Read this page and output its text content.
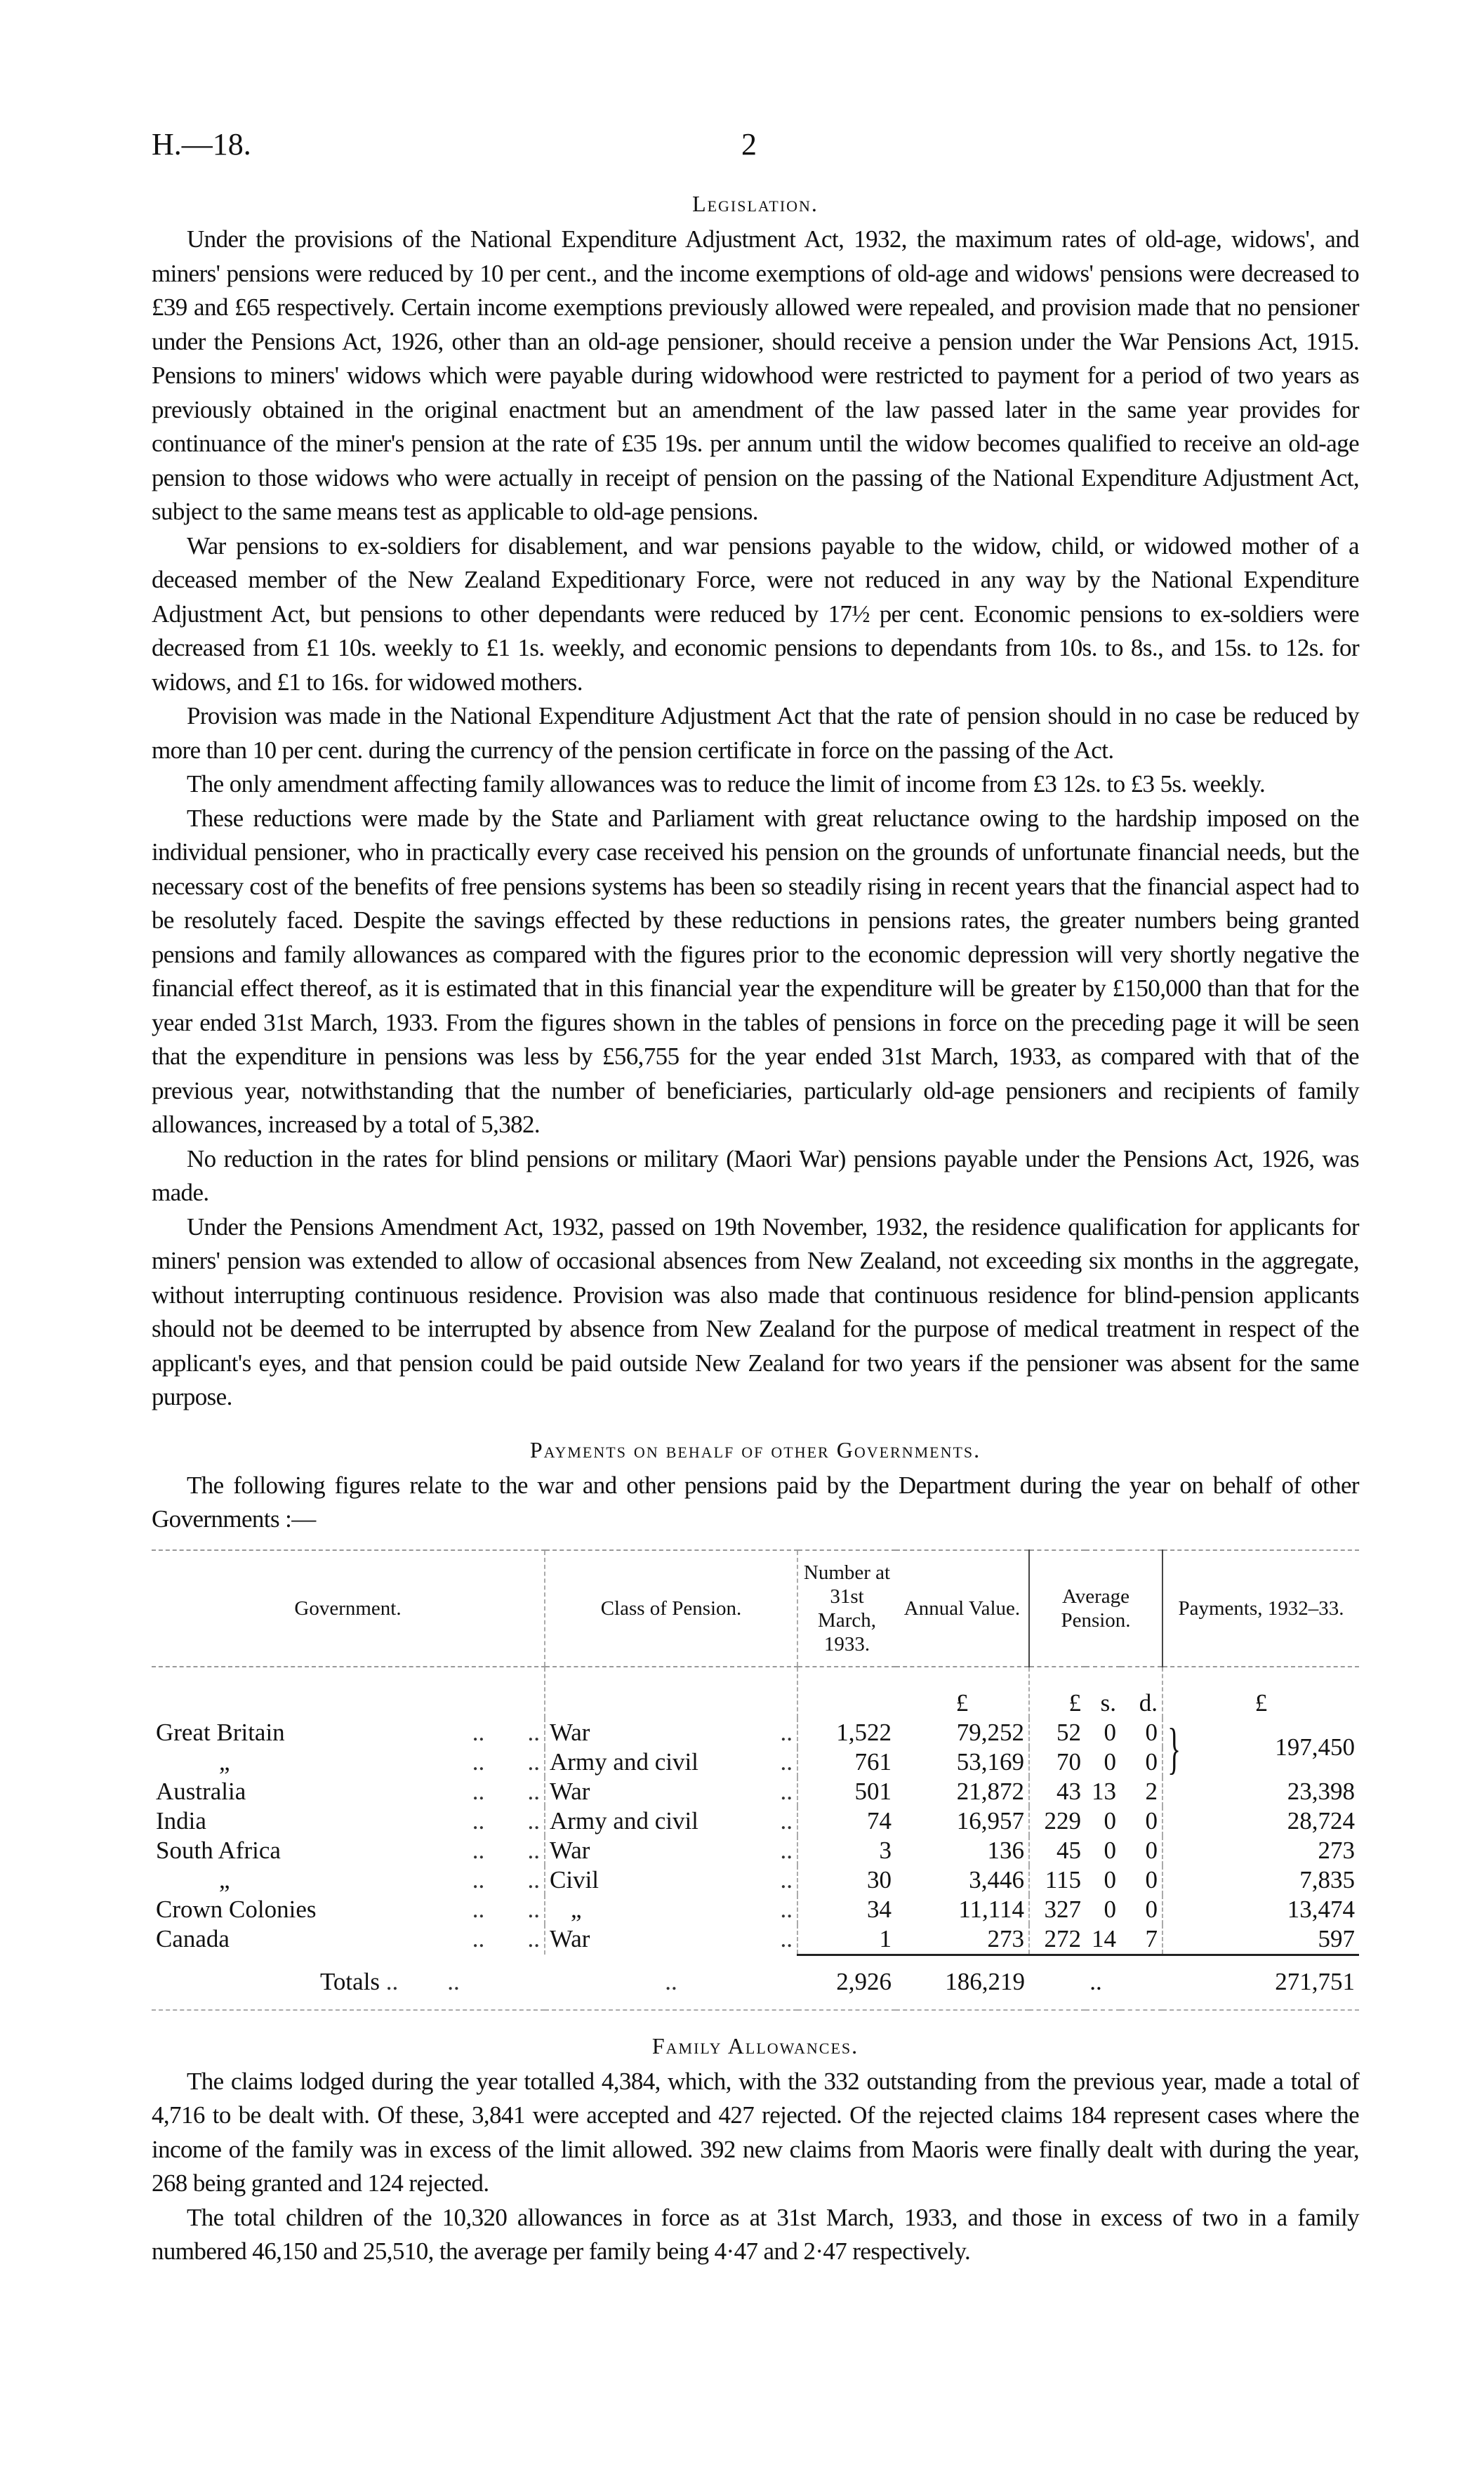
H.—18.	2
Legislation.

Under the provisions of the National Expenditure Adjustment Act, 1932, the maximum rates of old-age, widows', and miners' pensions were reduced by 10 per cent., and the income exemptions of old-age and widows' pensions were decreased to £39 and £65 respectively. Certain income exemptions previously allowed were repealed, and provision made that no pensioner under the Pensions Act, 1926, other than an old-age pensioner, should receive a pension under the War Pensions Act, 1915. Pensions to miners' widows which were payable during widowhood were restricted to payment for a period of two years as previously obtained in the original enactment but an amendment of the law passed later in the same year provides for continuance of the miner's pension at the rate of £35 19s. per annum until the widow becomes qualified to receive an old-age pension to those widows who were actually in receipt of pension on the passing of the National Expenditure Adjustment Act, subject to the same means test as applicable to old-age pensions.

War pensions to ex-soldiers for disablement, and war pensions payable to the widow, child, or widowed mother of a deceased member of the New Zealand Expeditionary Force, were not reduced in any way by the National Expenditure Adjustment Act, but pensions to other dependants were reduced by 17½ per cent. Economic pensions to ex-soldiers were decreased from £1 10s. weekly to £1 1s. weekly, and economic pensions to dependants from 10s. to 8s., and 15s. to 12s. for widows, and £1 to 16s. for widowed mothers.

Provision was made in the National Expenditure Adjustment Act that the rate of pension should in no case be reduced by more than 10 per cent. during the currency of the pension certificate in force on the passing of the Act.

The only amendment affecting family allowances was to reduce the limit of income from £3 12s. to £3 5s. weekly.

These reductions were made by the State and Parliament with great reluctance owing to the hardship imposed on the individual pensioner, who in practically every case received his pension on the grounds of unfortunate financial needs, but the necessary cost of the benefits of free pensions systems has been so steadily rising in recent years that the financial aspect had to be resolutely faced. Despite the savings effected by these reductions in pensions rates, the greater numbers being granted pensions and family allowances as compared with the figures prior to the economic depression will very shortly negative the financial effect thereof, as it is estimated that in this financial year the expenditure will be greater by £150,000 than that for the year ended 31st March, 1933. From the figures shown in the tables of pensions in force on the preceding page it will be seen that the expenditure in pensions was less by £56,755 for the year ended 31st March, 1933, as compared with that of the previous year, notwithstanding that the number of beneficiaries, particularly old-age pensioners and recipients of family allowances, increased by a total of 5,382.

No reduction in the rates for blind pensions or military (Maori War) pensions payable under the Pensions Act, 1926, was made.

Under the Pensions Amendment Act, 1932, passed on 19th November, 1932, the residence qualification for applicants for miners' pension was extended to allow of occasional absences from New Zealand, not exceeding six months in the aggregate, without interrupting continuous residence. Provision was also made that continuous residence for blind-pension applicants should not be deemed to be interrupted by absence from New Zealand for the purpose of medical treatment in respect of the applicant's eyes, and that pension could be paid outside New Zealand for two years if the pensioner was absent for the same purpose.

Payments on behalf of other Governments.

The following figures relate to the war and other pensions paid by the Department during the year on behalf of other Governments :—

Government.	Class of Pension.	Number at 31st March, 1933.	Annual Value.	Average Pension.			Payments, 1932–33.
			£	£	s.	d.	£
Great Britain ..       ..	War ..	1,522	79,252	52	0	0	197,450
}

„ ..       ..	Army and civil ..	761	53,169	70	0	0	
Australia ..       ..	War ..	501	21,872	43	13	2	23,398
India ..       ..	Army and civil ..	74	16,957	229	0	0	28,724
South Africa ..       ..	War ..	3	136	45	0	0	273
„ ..       ..	Civil ..	30	3,446	115	0	0	7,835
Crown Colonies ..       ..	„ ..	34	11,114	327	0	0	13,474
Canada ..       ..	War ..	1	273	272	14	7	597

Totals ..        ..	..	2,926	186,219	..			271,751
Family Allowances.

The claims lodged during the year totalled 4,384, which, with the 332 outstanding from the previous year, made a total of 4,716 to be dealt with. Of these, 3,841 were accepted and 427 rejected. Of the rejected claims 184 represent cases where the income of the family was in excess of the limit allowed. 392 new claims from Maoris were finally dealt with during the year, 268 being granted and 124 rejected.

The total children of the 10,320 allowances in force as at 31st March, 1933, and those in excess of two in a family numbered 46,150 and 25,510, the average per family being 4·47 and 2·47 respectively.
